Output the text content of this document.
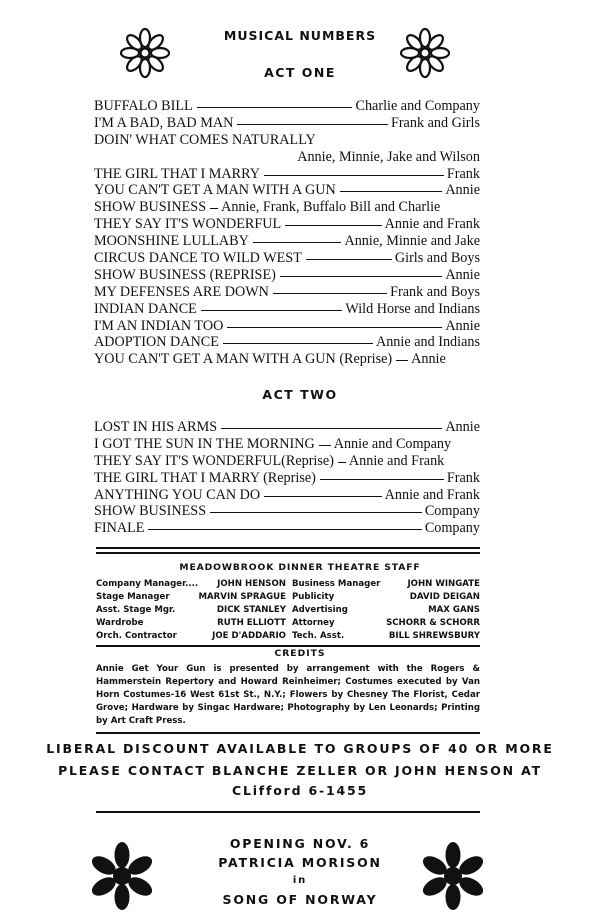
MUSICAL NUMBERS
ACT ONE
BUFFALO BILL	Charlie and Company
I'M A BAD, BAD MAN	Frank and Girls
DOIN' WHAT COMES NATURALLY
Annie, Minnie, Jake and Wilson
THE GIRL THAT I MARRY	Frank
YOU CAN'T GET A MAN WITH A GUN	Annie
SHOW BUSINESS Annie, Frank, Buffalo Bill and Charlie
THEY SAY IT'S WONDERFUL	Annie and Frank
MOONSHINE LULLABY	Annie, Minnie and Jake
CIRCUS DANCE TO WILD WEST	Girls and Boys
SHOW BUSINESS (REPRISE)	Annie
MY DEFENSES ARE DOWN	Frank and Boys
INDIAN DANCE	Wild Horse and Indians
I'M AN INDIAN TOO	Annie
ADOPTION DANCE	Annie and Indians
YOU CAN'T GET A MAN WITH A GUN (Reprise) Annie
ACT TWO
LOST IN HIS ARMS	Annie
I GOT THE SUN IN THE MORNING Annie and Company
THEY SAY IT'S WONDERFUL(Reprise) Annie and Frank
THE GIRL THAT I MARRY (Reprise)	Frank
ANYTHING YOU CAN DO	Annie and Frank
SHOW BUSINESS	Company
FINALE	Company
MEADOWBROOK DINNER THEATRE STAFF
Company Manager.... JOHN HENSON Business Manager	JOHN WINGATE
Stage Manager	MARVIN SPRAGUE Publicity	DAVID DEIGAN
Asst. Stage Mgr.	DICK STANLEY Advertising	MAX GANS
Wardrobe	RUTH ELLIOTT Attorney	SCHORR & SCHORR
Orch. Contractor	JOE D'ADDARIO Tech. Asst.	BILL SHREWSBURY
CREDITS
Annie Get Your Gun is presented by arrangement with the Rogers & Hammerstein Repertory and Howard Reinheimer; Costumes executed by Van Horn Costumes-16 West 61st St., N.Y.; Flowers by Chesney The Florist, Cedar Grove; Hardware by Singac Hardware; Photography by Len Leonards; Printing by Art Craft Press.
LIBERAL DISCOUNT AVAILABLE TO GROUPS OF 40 OR MORE
PLEASE CONTACT BLANCHE ZELLER OR JOHN HENSON AT
CLifford 6-1455
OPENING NOV. 6
PATRICIA MORISON
in
SONG OF NORWAY
